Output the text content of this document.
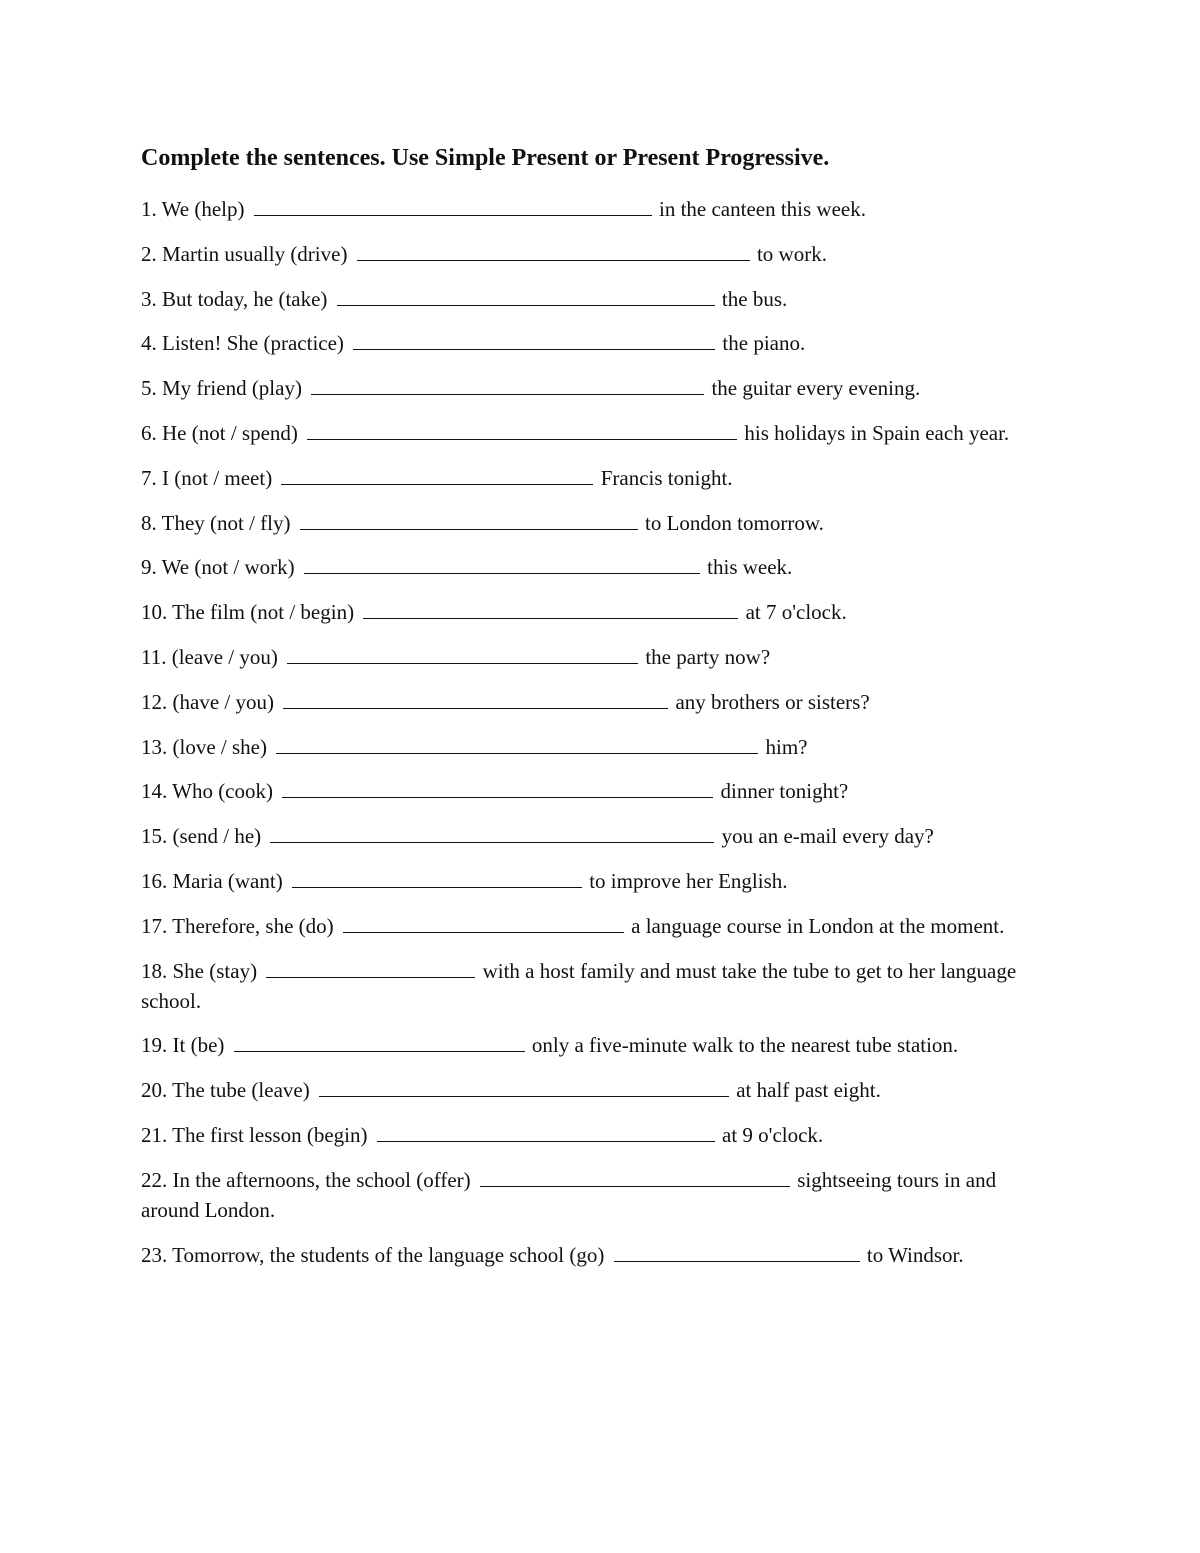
Complete the sentences. Use Simple Present or Present Progressive.
1. We (help)	in the canteen this week.
2. Martin usually (drive)	to work.
3. But today, he (take)	the bus.
4. Listen! She (practice)	the piano.
5. My friend (play)	the guitar every evening.
6. He (not / spend)	his holidays in Spain each year.
7. I (not / meet)	Francis tonight.
8. They (not / fly)	to London tomorrow.
9. We (not / work)	this week.
10. The film (not / begin)	at 7 o'clock.
11. (leave / you)	the party now?
12. (have / you)	any brothers or sisters?
13. (love / she)	him?
14. Who (cook)	dinner tonight?
15. (send / he)	you an e-mail every day?
16. Maria (want)	to improve her English.
17. Therefore, she (do)	a language course in London at the moment.
18. She (stay)	with a host family and must take the tube to get to her language school.
19. It (be)	only a five-minute walk to the nearest tube station.
20. The tube (leave)	at half past eight.
21. The first lesson (begin)	at 9 o'clock.
22. In the afternoons, the school (offer)	sightseeing tours in and around London.
23. Tomorrow, the students of the language school (go)	to Windsor.
